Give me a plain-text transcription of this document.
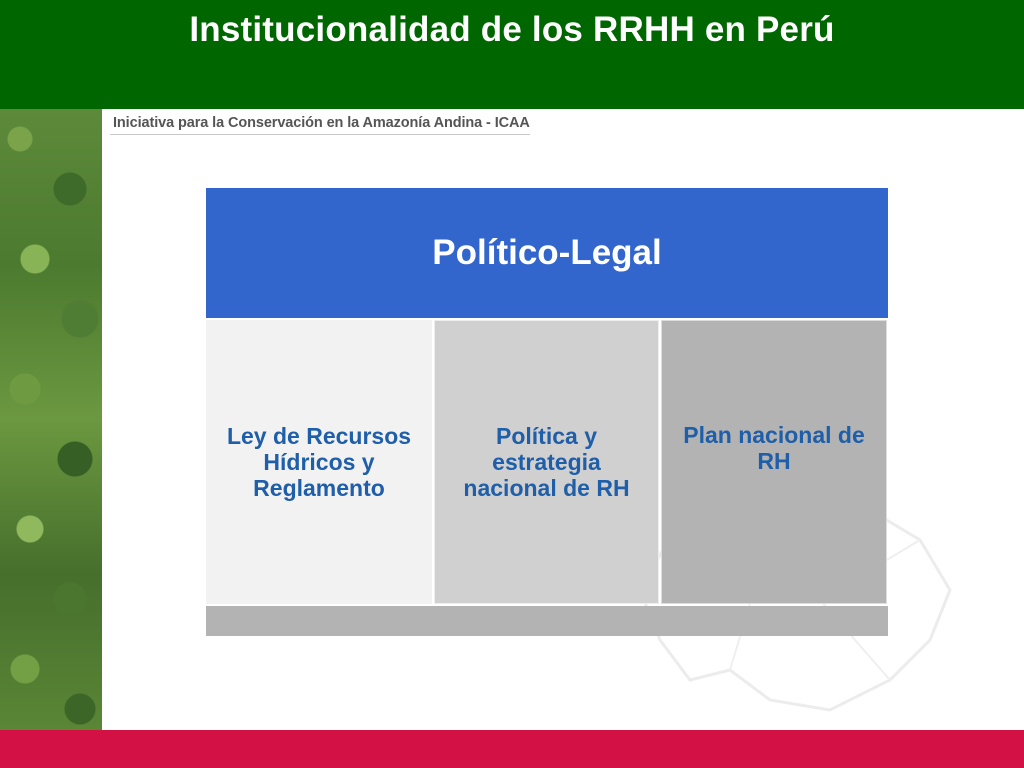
Institucionalidad de los RRHH en Perú
Iniciativa para la Conservación en la Amazonía Andina - ICAA
Político-Legal
Ley de Recursos Hídricos y Reglamento
Política y estrategia nacional de RH
Plan nacional de RH
